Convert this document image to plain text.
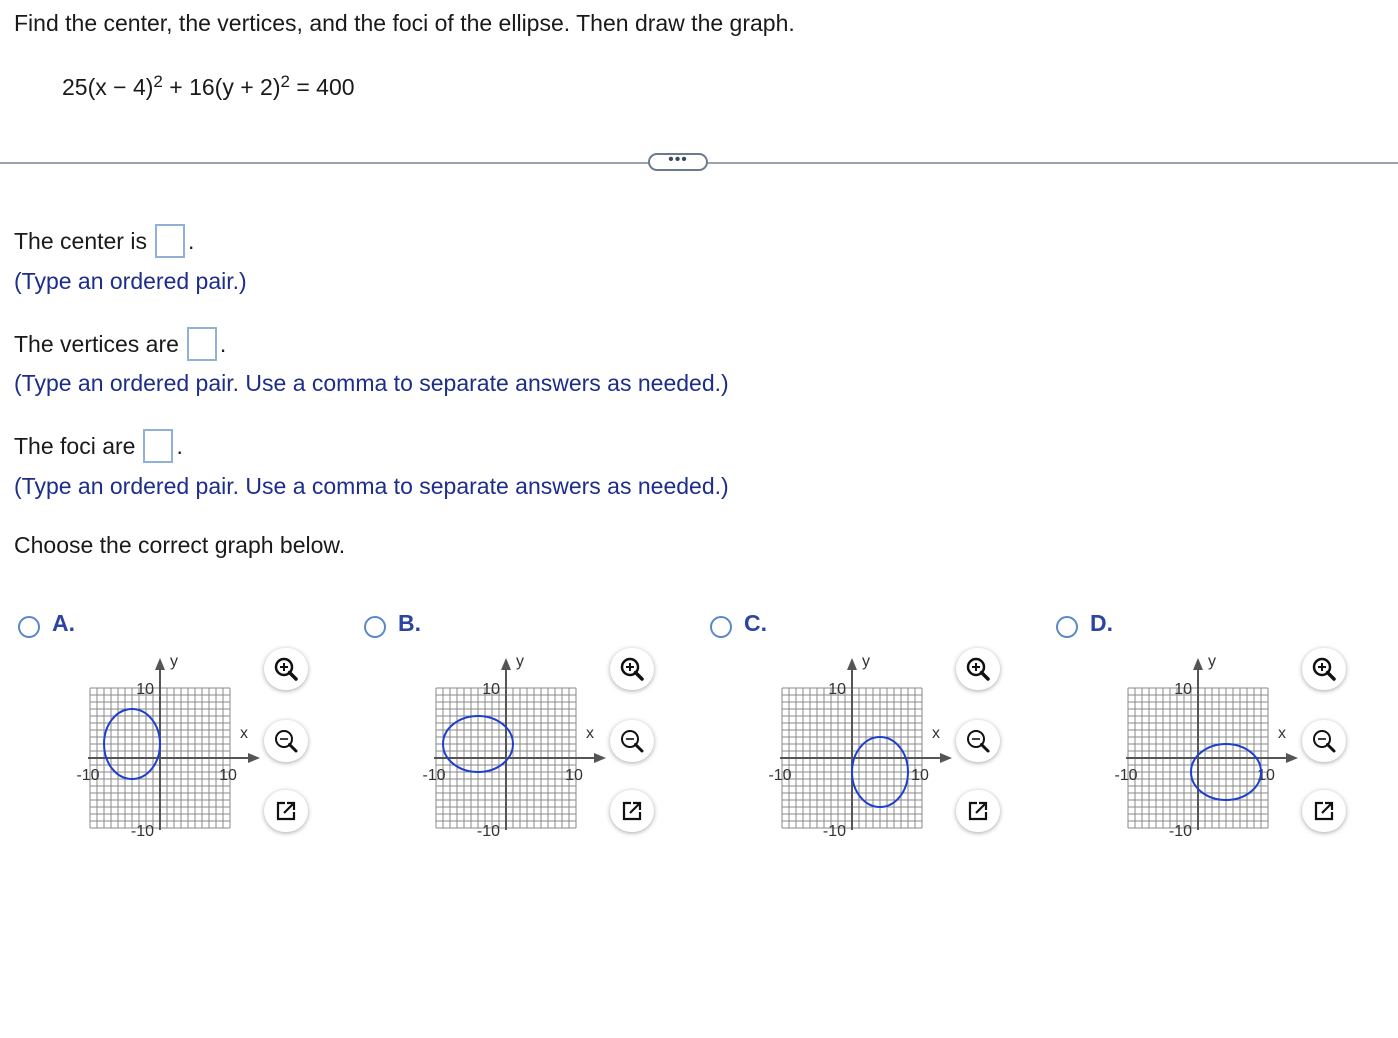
Find the center, the vertices, and the foci of the ellipse. Then draw the graph.
$25(x - 4)^2 + 16(y + 2)^2 = 400$
•••
The center is .
(Type an ordered pair.)
The vertices are .
(Type an ordered pair. Use a comma to separate answers as needed.)
The foci are .
(Type an ordered pair. Use a comma to separate answers as needed.)
Choose the correct graph below.
A.
x
y
-10	10
10
-10
B.
x
y
-10	10
10
-10
C.
x
y
-10	10
10
-10
D.
x
y
-10	10
10
-10
